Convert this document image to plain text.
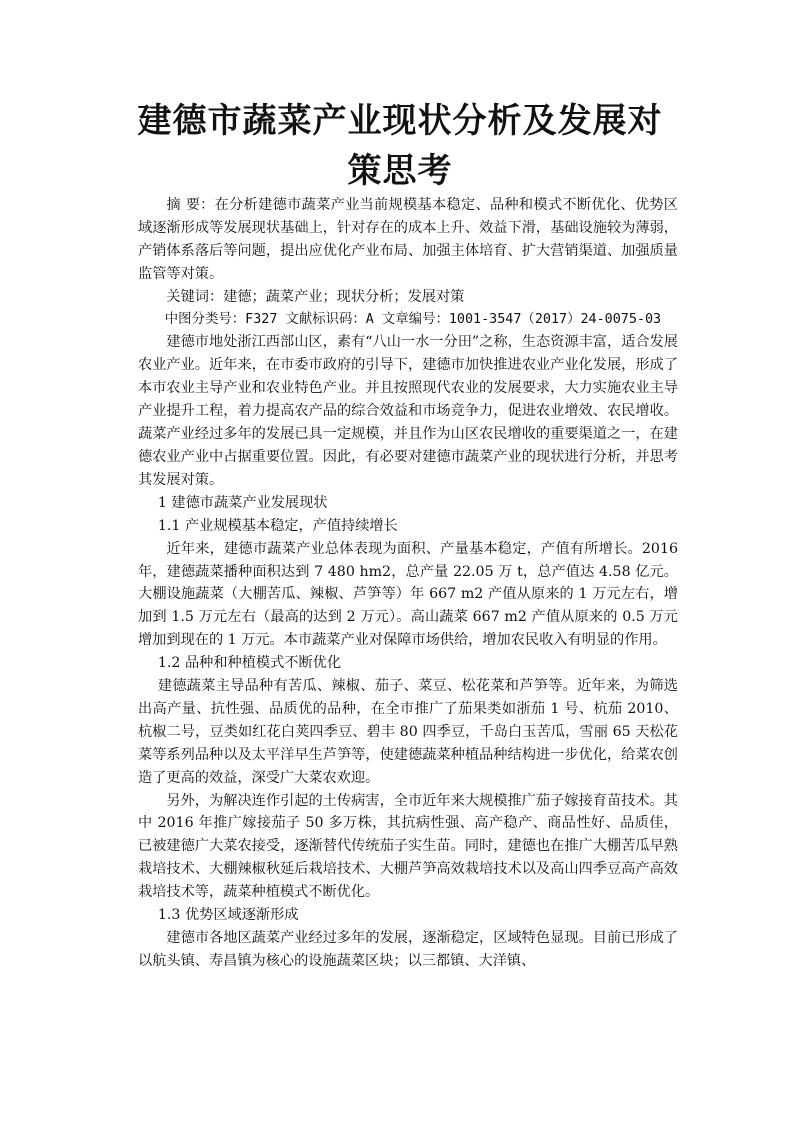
建德市蔬菜产业现状分析及发展对策思考

摘 要：在分析建德市蔬菜产业当前规模基本稳定、品种和模式不断优化、优势区域逐渐形成等发展现状基础上，针对存在的成本上升、效益下滑，基础设施较为薄弱，产销体系落后等问题，提出应优化产业布局、加强主体培育、扩大营销渠道、加强质量监管等对策。

关键词：建德；蔬菜产业；现状分析；发展对策

中图分类号：F327 文献标识码：A 文章编号：1001-3547（2017）24-0075-03

建德市地处浙江西部山区，素有“八山一水一分田”之称，生态资源丰富，适合发展农业产业。近年来，在市委市政府的引导下，建德市加快推进农业产业化发展，形成了本市农业主导产业和农业特色产业。并且按照现代农业的发展要求，大力实施农业主导产业提升工程，着力提高农产品的综合效益和市场竞争力，促进农业增效、农民增收。蔬菜产业经过多年的发展已具一定规模，并且作为山区农民增收的重要渠道之一，在建德农业产业中占据重要位置。因此，有必要对建德市蔬菜产业的现状进行分析，并思考其发展对策。

1 建德市蔬菜产业发展现状

1.1 产业规模基本稳定，产值持续增长

近年来，建德市蔬菜产业总体表现为面积、产量基本稳定，产值有所增长。2016 年，建德蔬菜播种面积达到 7 480 hm2，总产量 22.05 万 t，总产值达 4.58 亿元。大棚设施蔬菜（大棚苦瓜、辣椒、芦笋等）年 667 m2 产值从原来的 1 万元左右，增加到 1.5 万元左右（最高的达到 2 万元）。高山蔬菜 667 m2 产值从原来的 0.5 万元增加到现在的 1 万元。本市蔬菜产业对保障市场供给，增加农民收入有明显的作用。

1.2 品种和种植模式不断优化

建德蔬菜主导品种有苦瓜、辣椒、茄子、菜豆、松花菜和芦笋等。近年来，为筛选出高产量、抗性强、品质优的品种，在全市推广了茄果类如浙茄 1 号、杭茄 2010、杭椒二号，豆类如红花白荚四季豆、碧丰 80 四季豆，千岛白玉苦瓜，雪丽 65 天松花菜等系列品种以及太平洋早生芦笋等，使建德蔬菜种植品种结构进一步优化，给菜农创造了更高的效益，深受广大菜农欢迎。

另外，为解决连作引起的土传病害，全市近年来大规模推广茄子嫁接育苗技术。其中 2016 年推广嫁接茄子 50 多万株，其抗病性强、高产稳产、商品性好、品质佳，已被建德广大菜农接受，逐渐替代传统茄子实生苗。同时，建德也在推广大棚苦瓜早熟栽培技术、大棚辣椒秋延后栽培技术、大棚芦笋高效栽培技术以及高山四季豆高产高效栽培技术等，蔬菜种植模式不断优化。

1.3 优势区域逐渐形成

建德市各地区蔬菜产业经过多年的发展，逐渐稳定，区域特色显现。目前已形成了以航头镇、寿昌镇为核心的设施蔬菜区块；以三都镇、大洋镇、
